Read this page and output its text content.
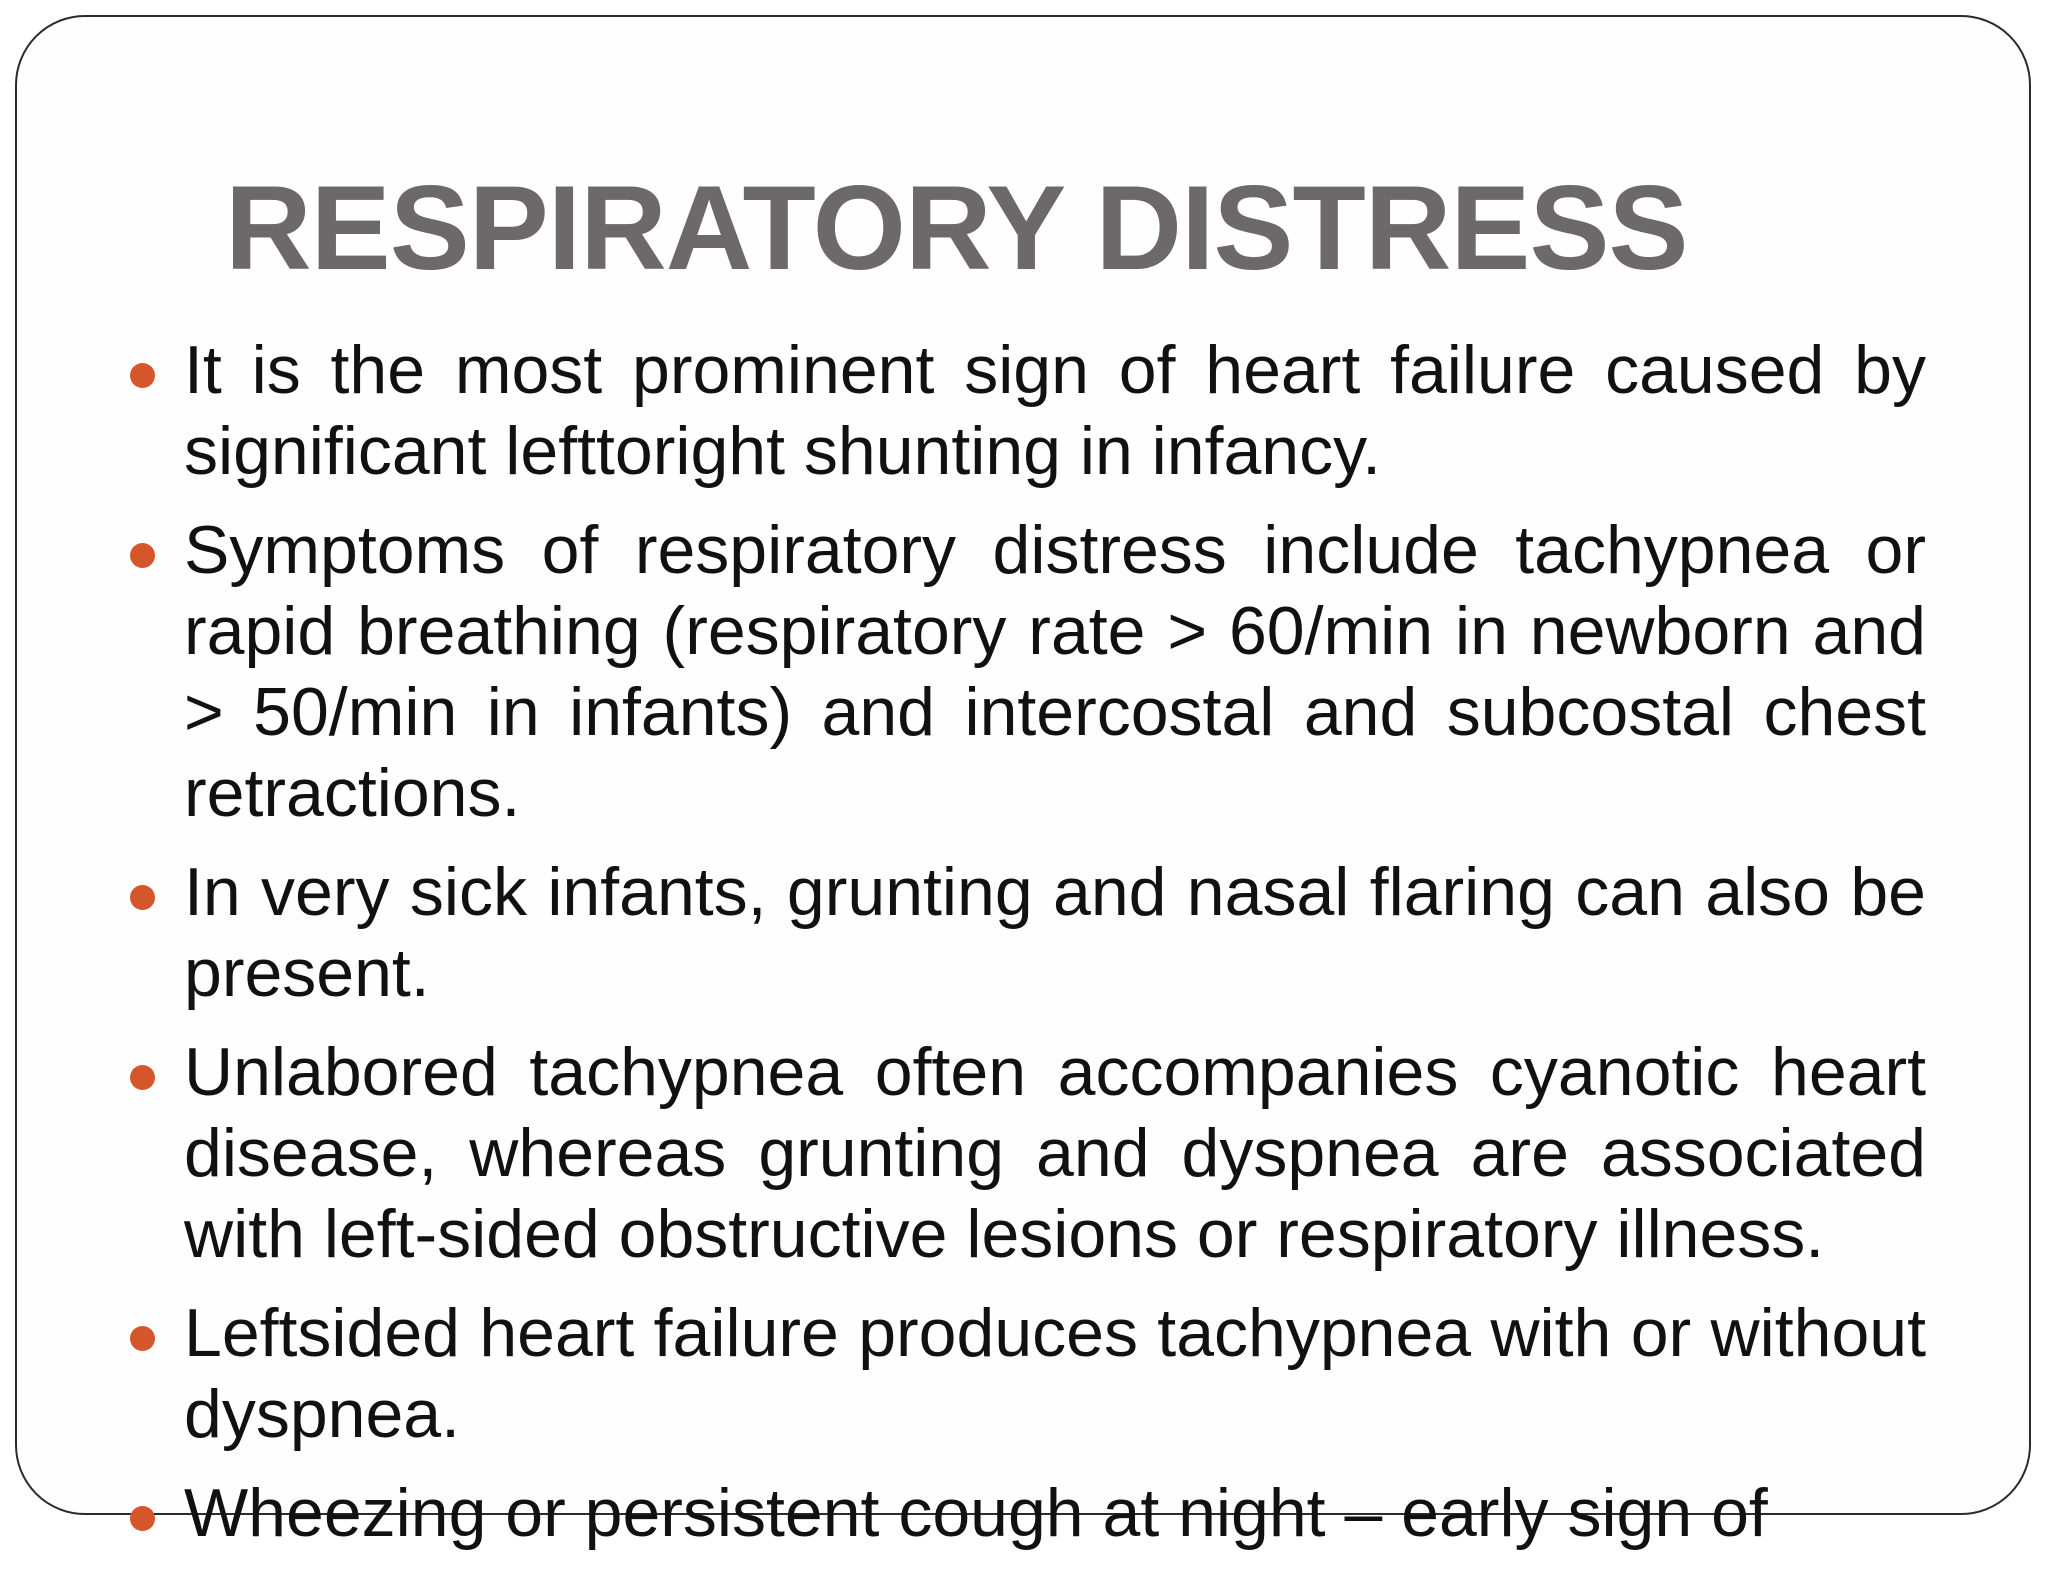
RESPIRATORY DISTRESS

It is the most prominent sign of heart failure caused by significant lefttoright shunting in infancy.

Symptoms of respiratory distress include tachypnea or rapid breathing (respiratory rate > 60/min in newborn and > 50/min in infants) and intercostal and subcostal chest retractions.

In very sick infants, grunting and nasal flaring can also be present.

Unlabored tachypnea often accompanies cyanotic heart disease, whereas grunting and dyspnea are associated with left-sided obstructive lesions or respiratory illness.

Leftsided heart failure produces tachypnea with or without dyspnea.

Wheezing or persistent cough at night – early sign of
